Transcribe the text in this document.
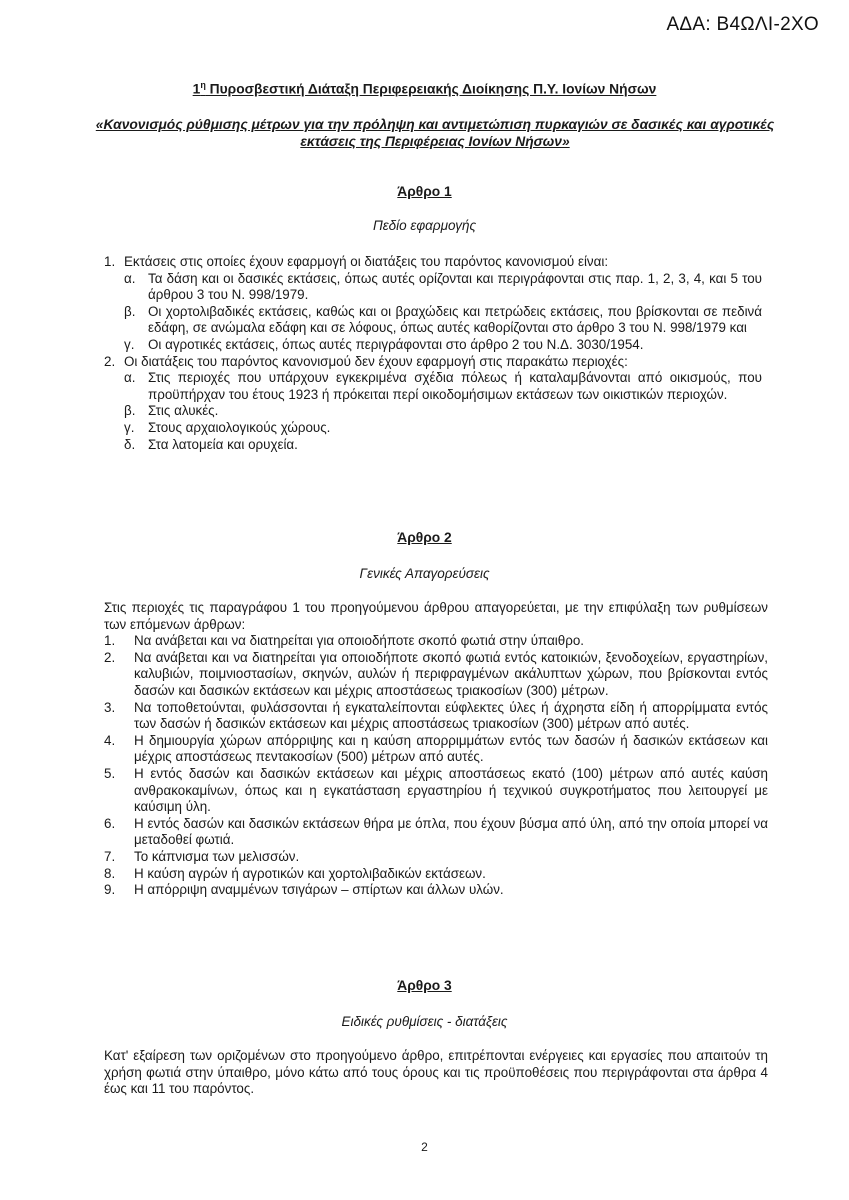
ΑΔΑ: Β4ΩΛΙ-2ΧΟ
$1^\eta$ Πυροσβεστική Διάταξη Περιφερειακής Διοίκησης Π.Υ. Ιονίων Νήσων
«Κανονισμός ρύθμισης μέτρων για την πρόληψη και αντιμετώπιση πυρκαγιών σε δασικές και αγροτικές εκτάσεις της Περιφέρειας Ιονίων Νήσων»
Άρθρο 1
Πεδίο εφαρμογής
1. Εκτάσεις στις οποίες έχουν εφαρμογή οι διατάξεις του παρόντος κανονισμού είναι:
α. Τα δάση και οι δασικές εκτάσεις, όπως αυτές ορίζονται και περιγράφονται στις παρ. 1, 2, 3, 4, και 5 του άρθρου 3 του Ν. 998/1979.
β. Οι χορτολιβαδικές εκτάσεις, καθώς και οι βραχώδεις και πετρώδεις εκτάσεις, που βρίσκονται σε πεδινά εδάφη, σε ανώμαλα εδάφη και σε λόφους, όπως αυτές καθορίζονται στο άρθρο 3 του Ν. 998/1979 και
γ. Οι αγροτικές εκτάσεις, όπως αυτές περιγράφονται στο άρθρο 2 του Ν.Δ. 3030/1954.
2. Οι διατάξεις του παρόντος κανονισμού δεν έχουν εφαρμογή στις παρακάτω περιοχές:
α. Στις περιοχές που υπάρχουν εγκεκριμένα σχέδια πόλεως ή καταλαμβάνονται από οικισμούς, που προϋπήρχαν του έτους 1923 ή πρόκειται περί οικοδομήσιμων εκτάσεων των οικιστικών περιοχών.
β. Στις αλυκές.
γ. Στους αρχαιολογικούς χώρους.
δ. Στα λατομεία και ορυχεία.
Άρθρο 2
Γενικές Απαγορεύσεις

Στις περιοχές τις παραγράφου 1 του προηγούμενου άρθρου απαγορεύεται, με την επιφύλαξη των ρυθμίσεων των επόμενων άρθρων:

1. Να ανάβεται και να διατηρείται για οποιοδήποτε σκοπό φωτιά στην ύπαιθρο.
2. Να ανάβεται και να διατηρείται για οποιοδήποτε σκοπό φωτιά εντός κατοικιών, ξενοδοχείων, εργαστηρίων, καλυβιών, ποιμνιοστασίων, σκηνών, αυλών ή περιφραγμένων ακάλυπτων χώρων, που βρίσκονται εντός δασών και δασικών εκτάσεων και μέχρις αποστάσεως τριακοσίων (300) μέτρων.
3. Να τοποθετούνται, φυλάσσονται ή εγκαταλείπονται εύφλεκτες ύλες ή άχρηστα είδη ή απορρίμματα εντός των δασών ή δασικών εκτάσεων και μέχρις αποστάσεως τριακοσίων (300) μέτρων από αυτές.
4. Η δημιουργία χώρων απόρριψης και η καύση απορριμμάτων εντός των δασών ή δασικών εκτάσεων και μέχρις αποστάσεως πεντακοσίων (500) μέτρων από αυτές.
5. Η εντός δασών και δασικών εκτάσεων και μέχρις αποστάσεως εκατό (100) μέτρων από αυτές καύση ανθρακοκαμίνων, όπως και η εγκατάσταση εργαστηρίου ή τεχνικού συγκροτήματος που λειτουργεί με καύσιμη ύλη.
6. Η εντός δασών και δασικών εκτάσεων θήρα με όπλα, που έχουν βύσμα από ύλη, από την οποία μπορεί να μεταδοθεί φωτιά.
7. Το κάπνισμα των μελισσών.
8. Η καύση αγρών ή αγροτικών και χορτολιβαδικών εκτάσεων.
9. Η απόρριψη αναμμένων τσιγάρων – σπίρτων και άλλων υλών.
Άρθρο 3
Ειδικές ρυθμίσεις - διατάξεις

Κατ' εξαίρεση των οριζομένων στο προηγούμενο άρθρο, επιτρέπονται ενέργειες και εργασίες που απαιτούν τη χρήση φωτιά στην ύπαιθρο, μόνο κάτω από τους όρους και τις προϋποθέσεις που περιγράφονται στα άρθρα 4 έως και 11 του παρόντος.

2
